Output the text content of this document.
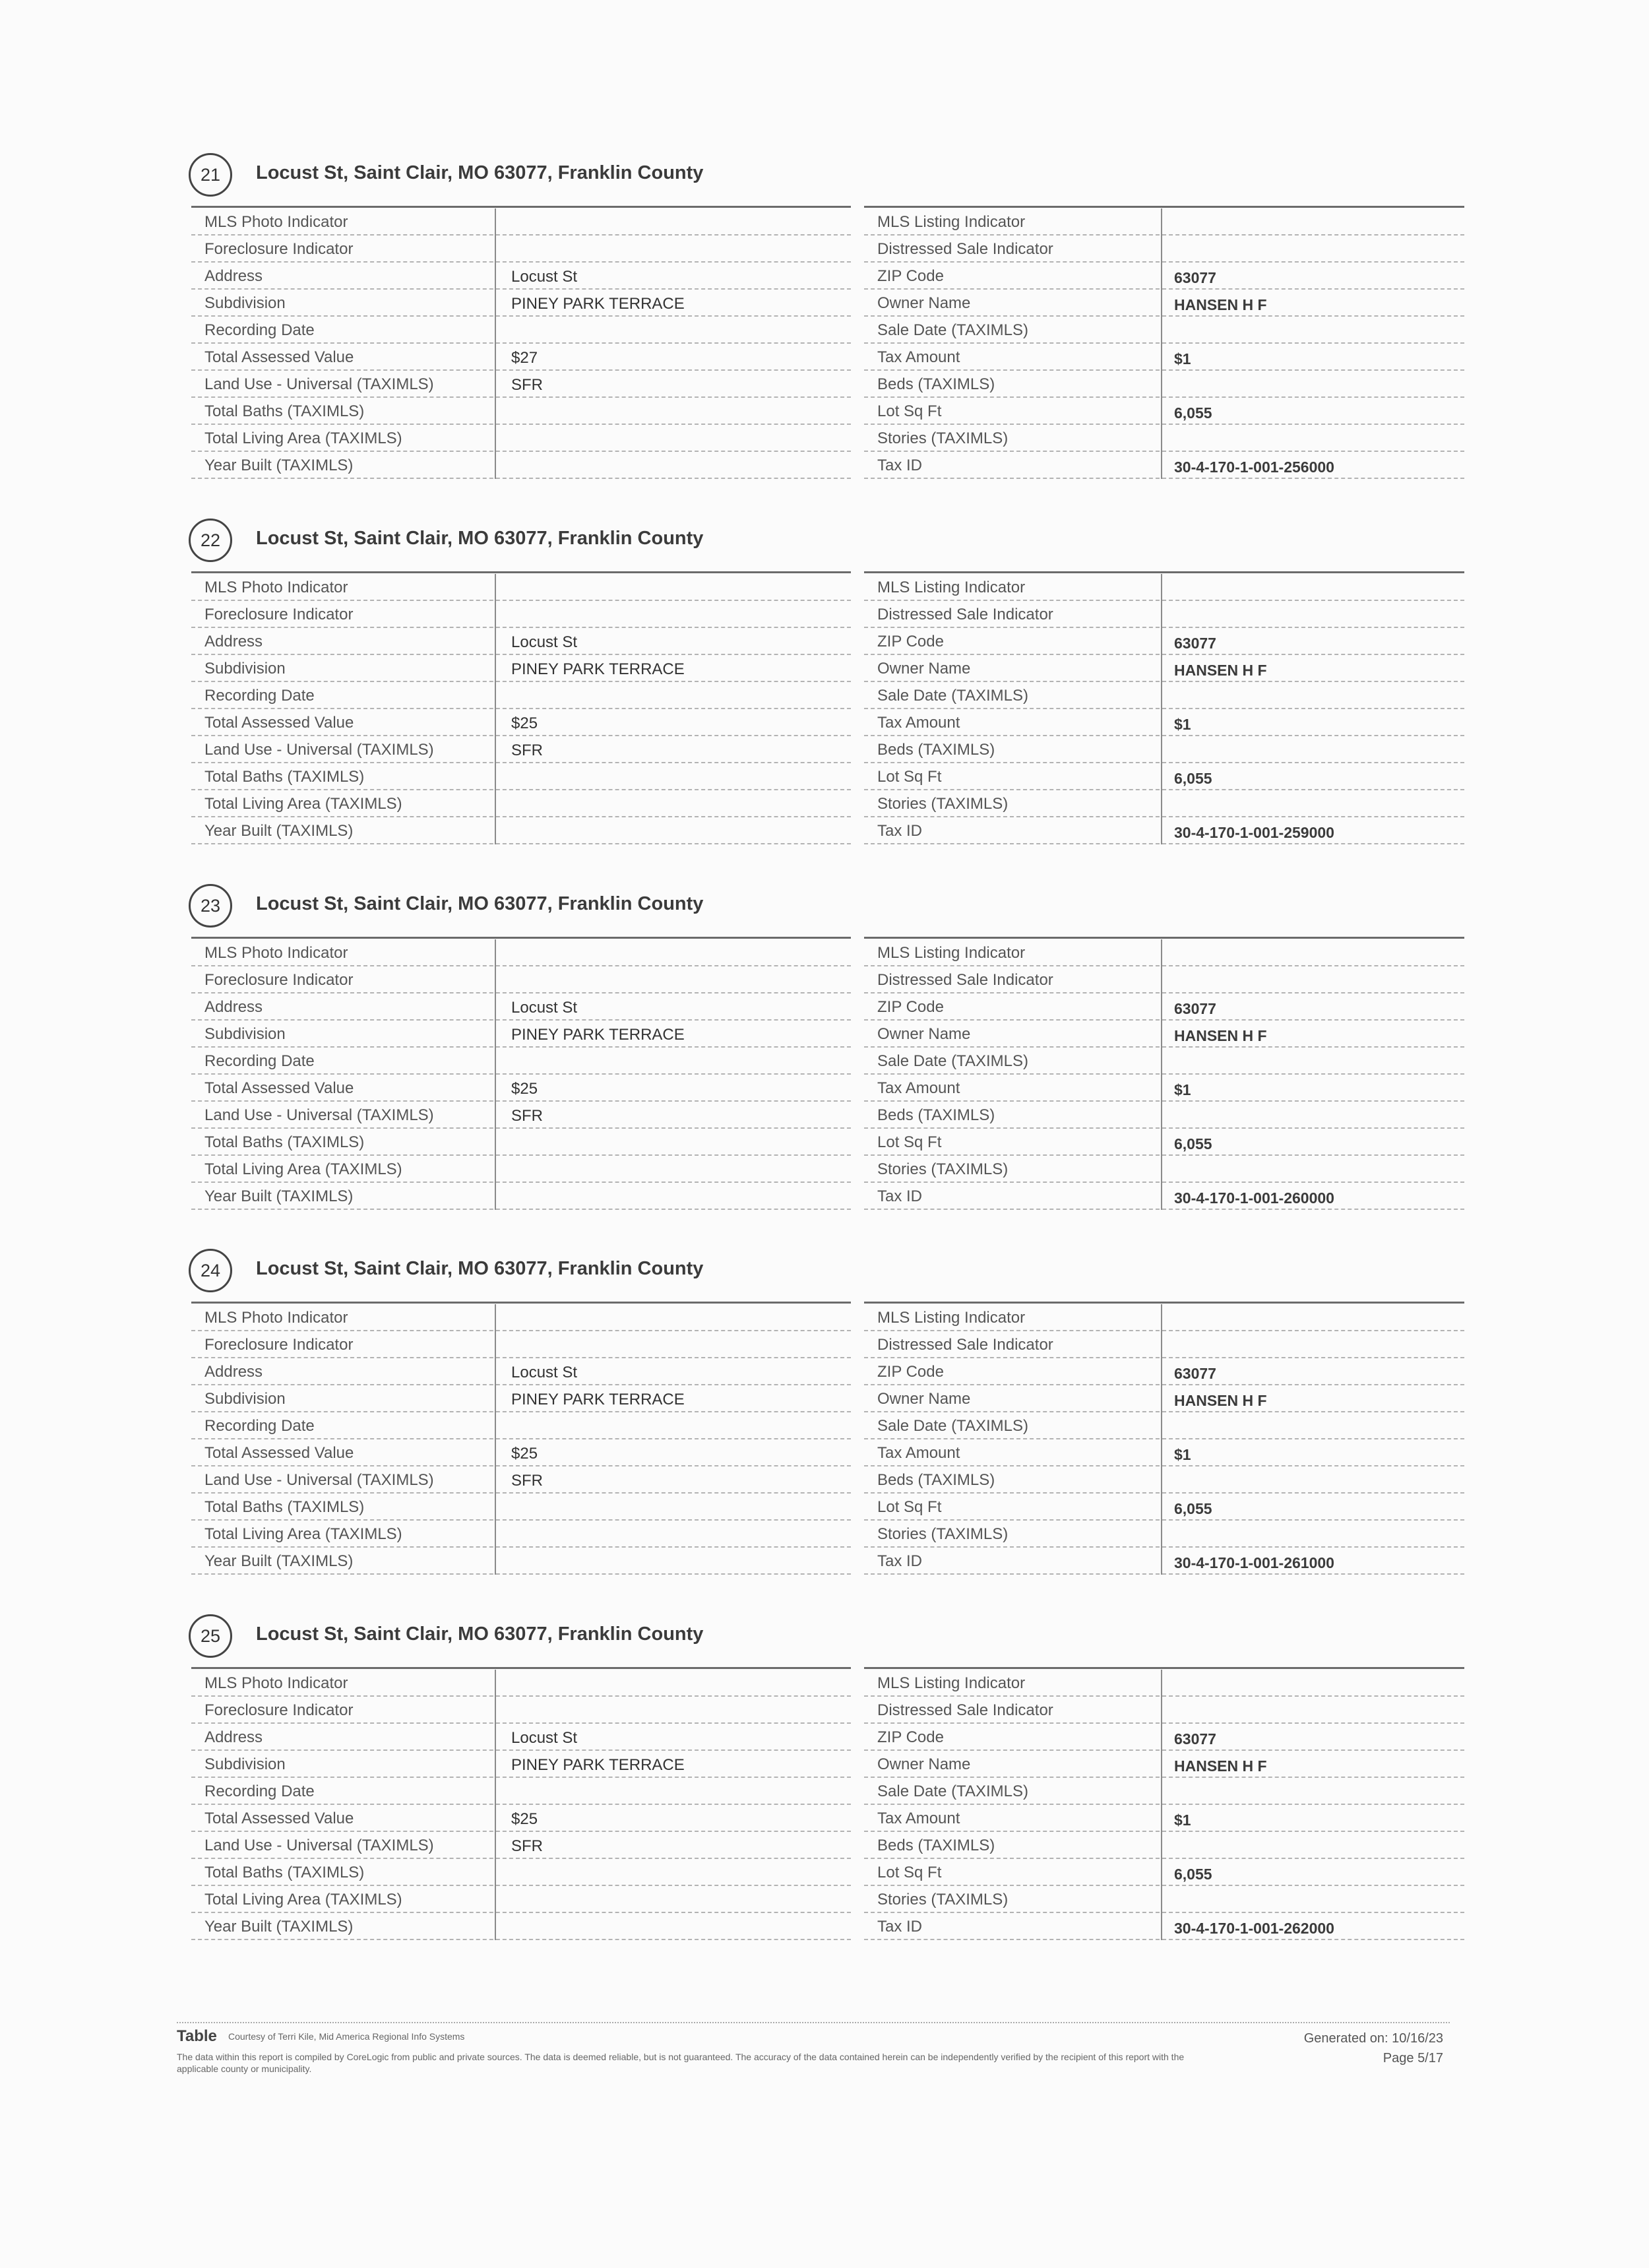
21	Locust St, Saint Clair, MO 63077, Franklin County
MLS Photo Indicator
Foreclosure Indicator
Address	Locust St
Subdivision	PINEY PARK TERRACE
Recording Date
Total Assessed Value	$27
Land Use - Universal (TAXIMLS)	SFR
Total Baths (TAXIMLS)
Total Living Area (TAXIMLS)
Year Built (TAXIMLS)
MLS Listing Indicator
Distressed Sale Indicator
ZIP Code	63077
Owner Name	HANSEN H F
Sale Date (TAXIMLS)
Tax Amount	$1
Beds (TAXIMLS)
Lot Sq Ft	6,055
Stories (TAXIMLS)
Tax ID	30-4-170-1-001-256000
22	Locust St, Saint Clair, MO 63077, Franklin County
MLS Photo Indicator
Foreclosure Indicator
Address	Locust St
Subdivision	PINEY PARK TERRACE
Recording Date
Total Assessed Value	$25
Land Use - Universal (TAXIMLS)	SFR
Total Baths (TAXIMLS)
Total Living Area (TAXIMLS)
Year Built (TAXIMLS)
MLS Listing Indicator
Distressed Sale Indicator
ZIP Code	63077
Owner Name	HANSEN H F
Sale Date (TAXIMLS)
Tax Amount	$1
Beds (TAXIMLS)
Lot Sq Ft	6,055
Stories (TAXIMLS)
Tax ID	30-4-170-1-001-259000
23	Locust St, Saint Clair, MO 63077, Franklin County
MLS Photo Indicator
Foreclosure Indicator
Address	Locust St
Subdivision	PINEY PARK TERRACE
Recording Date
Total Assessed Value	$25
Land Use - Universal (TAXIMLS)	SFR
Total Baths (TAXIMLS)
Total Living Area (TAXIMLS)
Year Built (TAXIMLS)
MLS Listing Indicator
Distressed Sale Indicator
ZIP Code	63077
Owner Name	HANSEN H F
Sale Date (TAXIMLS)
Tax Amount	$1
Beds (TAXIMLS)
Lot Sq Ft	6,055
Stories (TAXIMLS)
Tax ID	30-4-170-1-001-260000
24	Locust St, Saint Clair, MO 63077, Franklin County
MLS Photo Indicator
Foreclosure Indicator
Address	Locust St
Subdivision	PINEY PARK TERRACE
Recording Date
Total Assessed Value	$25
Land Use - Universal (TAXIMLS)	SFR
Total Baths (TAXIMLS)
Total Living Area (TAXIMLS)
Year Built (TAXIMLS)
MLS Listing Indicator
Distressed Sale Indicator
ZIP Code	63077
Owner Name	HANSEN H F
Sale Date (TAXIMLS)
Tax Amount	$1
Beds (TAXIMLS)
Lot Sq Ft	6,055
Stories (TAXIMLS)
Tax ID	30-4-170-1-001-261000
25	Locust St, Saint Clair, MO 63077, Franklin County
MLS Photo Indicator
Foreclosure Indicator
Address	Locust St
Subdivision	PINEY PARK TERRACE
Recording Date
Total Assessed Value	$25
Land Use - Universal (TAXIMLS)	SFR
Total Baths (TAXIMLS)
Total Living Area (TAXIMLS)
Year Built (TAXIMLS)
MLS Listing Indicator
Distressed Sale Indicator
ZIP Code	63077
Owner Name	HANSEN H F
Sale Date (TAXIMLS)
Tax Amount	$1
Beds (TAXIMLS)
Lot Sq Ft	6,055
Stories (TAXIMLS)
Tax ID	30-4-170-1-001-262000
Table Courtesy of Terri Kile, Mid America Regional Info Systems	Generated on: 10/16/23
Page 5/17
The data within this report is compiled by CoreLogic from public and private sources. The data is deemed reliable, but is not guaranteed. The accuracy of the data contained herein can be independently verified by the recipient of this report with the applicable county or municipality.
